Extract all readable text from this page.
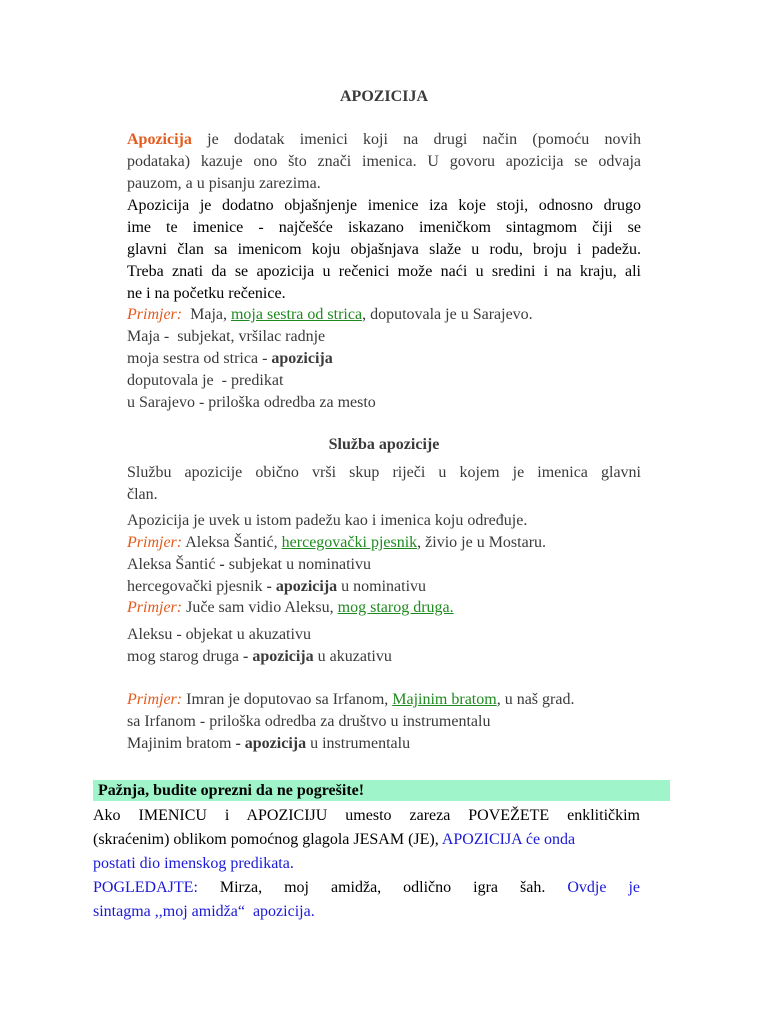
APOZICIJA
Apozicija je dodatak imenici koji na drugi način (pomoću novih
podataka) kazuje ono što znači imenica. U govoru apozicija se odvaja
pauzom, a u pisanju zarezima.
Apozicija je dodatno objašnjenje imenice iza koje stoji, odnosno drugo
ime te imenice - najčešće iskazano imeničkom sintagmom čiji se
glavni član sa imenicom koju objašnjava slaže u rodu, broju i padežu.
Treba znati da se apozicija u rečenici može naći u sredini i na kraju, ali
ne i na početku rečenice.
Primjer:  Maja, moja sestra od strica, doputovala je u Sarajevo.
Maja -  subjekat, vršilac radnje
moja sestra od strica - apozicija
doputovala je  - predikat
u Sarajevo - priloška odredba za mesto
Služba apozicije
Službu apozicije obično vrši skup riječi u kojem je imenica glavni
član.
Apozicija je uvek u istom padežu kao i imenica koju određuje.
Primjer: Aleksa Šantić, hercegovački pjesnik, živio je u Mostaru.
Aleksa Šantić - subjekat u nominativu
hercegovački pjesnik - apozicija u nominativu
Primjer: Juče sam vidio Aleksu, mog starog druga.
Aleksu - objekat u akuzativu
mog starog druga - apozicija u akuzativu
Primjer: Imran je doputovao sa Irfanom, Majinim bratom, u naš grad.
sa Irfanom - priloška odredba za društvo u instrumentalu
Majinim bratom - apozicija u instrumentalu
Pažnja, budite oprezni da ne pogrešite!
Ako IMENICU i APOZICIJU umesto zareza POVEŽETE enklitičkim
(skraćenim) oblikom pomoćnog glagola JESAM (JE), APOZICIJA će onda
postati dio imenskog predikata.
POGLEDAJTE: Mirza, moj amidža, odlično igra šah. Ovdje je
sintagma ,,moj amidža“  apozicija.
